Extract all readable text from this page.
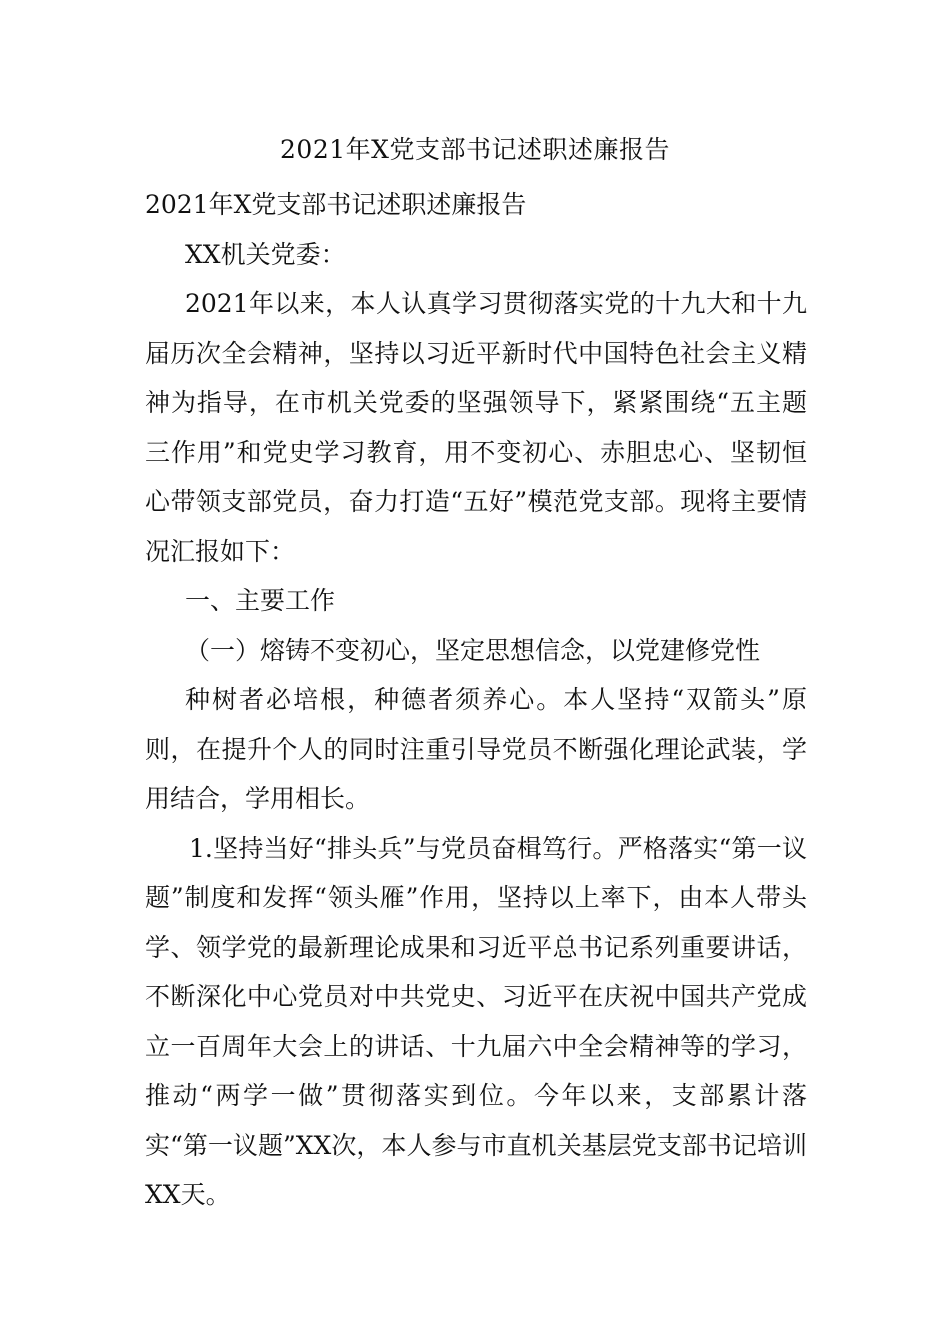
2021年X党支部书记述职述廉报告

2021年X党支部书记述职述廉报告

XX机关党委：

2021年以来，本人认真学习贯彻落实党的十九大和十九届历次全会精神，坚持以习近平新时代中国特色社会主义精神为指导，在市机关党委的坚强领导下，紧紧围绕“五主题三作用”和党史学习教育，用不变初心、赤胆忠心、坚韧恒心带领支部党员，奋力打造“五好”模范党支部。现将主要情况汇报如下：

一、主要工作

（一）熔铸不变初心，坚定思想信念，以党建修党性

种树者必培根，种德者须养心。本人坚持“双箭头”原则，在提升个人的同时注重引导党员不断强化理论武装，学用结合，学用相长。

1.坚持当好“排头兵”与党员奋楫笃行。严格落实“第一议题”制度和发挥“领头雁”作用，坚持以上率下，由本人带头学、领学党的最新理论成果和习近平总书记系列重要讲话，不断深化中心党员对中共党史、习近平在庆祝中国共产党成立一百周年大会上的讲话、十九届六中全会精神等的学习，推动“两学一做”贯彻落实到位。今年以来，支部累计落实“第一议题”XX次，本人参与市直机关基层党支部书记培训XX天。
